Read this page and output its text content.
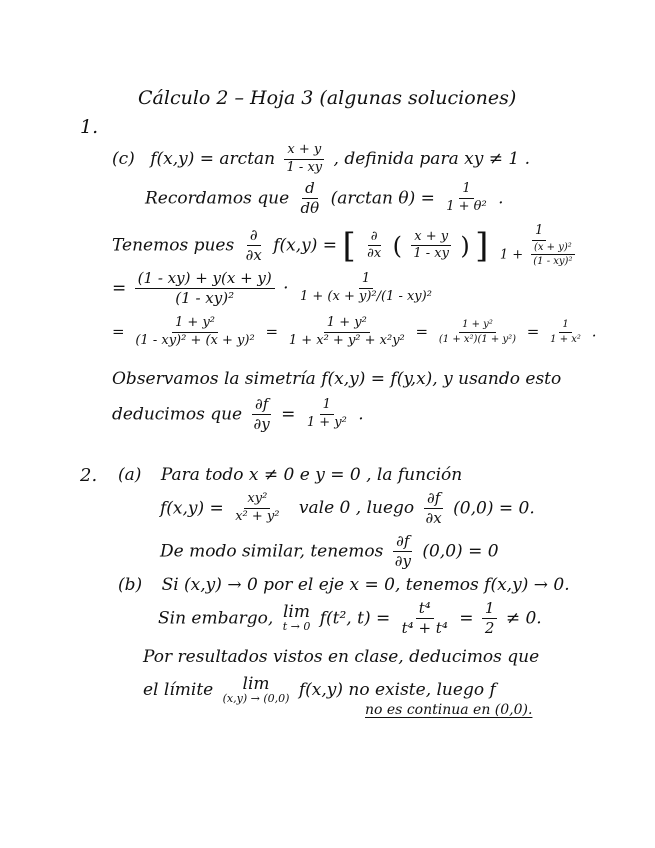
Cálculo 2 – Hoja 3 (algunas soluciones)
1.
(c) $f(x,y) = \arctan \frac{x + y}{1 - xy}$ , definida para xy ≠ 1 .
Recordamos que $\frac{d}{d\theta} (\arctan$ $\theta) = \frac{1}{\text{1 + θ²}}$ .
Tenemos pues $\frac{\partial}{\partial x} f(x,y)$ = [ $\frac{\partial}{\partial x}$ ( $\frac{x + y}{1 - xy}$ ) ] $\frac{1}{1 + \frac{\text{(x + y)²}}{\text{(1 - xy)²}}}$
= $\frac{(1 - xy) + y(x + y)}{\text{(1 - xy)²}} \cdot \frac{1}{\text{1 + (x + y)²/(1 - xy)²}}$
= $\frac{\text{1 + y²}}{\text{(1 - xy)² + (x + y)²}} = \frac{\text{1 + y²}}{\text{1 + x² + y² + x²y²}} = \frac{\text{1 + y²}}{\text{(1 + x²)(1 + y²)}} = \frac{1}{\text{1 + x²}}$ .
Observamos la simetría f(x,y) = f(y,x), y usando esto
deducimos que $\frac{\partial f}{\partial y} = \frac{1}{\text{1 + y²}}$ .
2. (a) Para todo x ≠ 0 e y = 0 , la función
$f(x,y) = \frac{\text{xy²}}{\text{x² + y²}}$ vale 0 , luego $\frac{\partial f}{\partial x} (0,0) = 0$.
De modo similar, tenemos $\frac{\partial f}{\partial y} (0,0) = 0$
(b) Si (x,y) → 0 por el eje x = 0, tenemos f(x,y) → 0.
Sin embargo, lim
t → 0 f(t², $t) = \frac{\text{t⁴}}{\text{t⁴ + t⁴}} = \frac{1}{2} \ne 0$.
Por resultados vistos en clase, deducimos que
el límite lim
(x,y) → (0,0) f(x,y) no existe, luego f
no es continua en (0,0).
